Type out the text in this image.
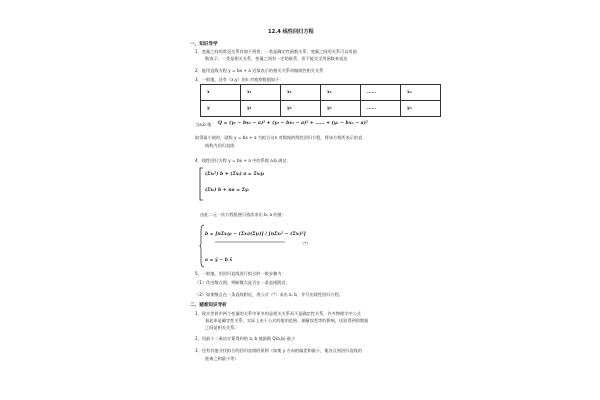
12.4 线性回归方程
一、知识导学
1、变量之间的常见关系有如下两类：一类是确定性函数关系，变量之间的关系可以用函
数表示；一类是相关关系，变量之间有一定的联系，但不能完全用函数来表达
2、能用直线方程 y = bx + a 近似表示的相关关系叫做线性相关关系
3、一般地，设有（x,y）的n 对观察数据如下：
x	x₁	x₂	x₃	……	xₙ
y	y₁	y₂	y₃	……	yₙ
当a,b 使 Q = (y₁ − bx₁ − a)² + (y₂ − bx₂ − a)² + …… + (yₙ − bxₙ − a)²
取得最小值时，就称 y = bx + a 为拟合这n 对数据的线性回归方程，将该方程所表示的直
线称为回归直线
4、线性回归方程 y = bx + a 中的系数 a,b 满足：
(Σxᵢ²) b + (Σxᵢ) a = Σxᵢyᵢ
(Σxᵢ) b + na = Σyᵢ
由此二元一次方程组便可依次求出 b, a 的值：
b = [nΣxᵢyᵢ − (Σxᵢ)(Σyᵢ)] / [nΣxᵢ² − (Σxᵢ)²]
a = ȳ − b x̄
（*）
5、一般地，用回归直线进行拟合的一般步骤为：
（1）作出散点图，判断散点是否在一条直线附近；
（2）如果散点在一条直线附近，用公式（*）求出 a, b，并写出线性回归方程。
二、疑难知识导析
1、现实世界中两个变量的关系中更多的是相关关系而不是确定性关系，许多物理学中公式
看起来是确定性关系，实际上由于公式的使用范围、测量误差等的影响，试验得到的数据
之间是相关关系。
2、用最小二乘法计算得到的 a, b 使函数 Q(a,b) 最小
3、还有其他寻找拟合的回归直线的原则（如使 y 方向的偏差和最小，使各点到回归直线的
距离之和最小等）
